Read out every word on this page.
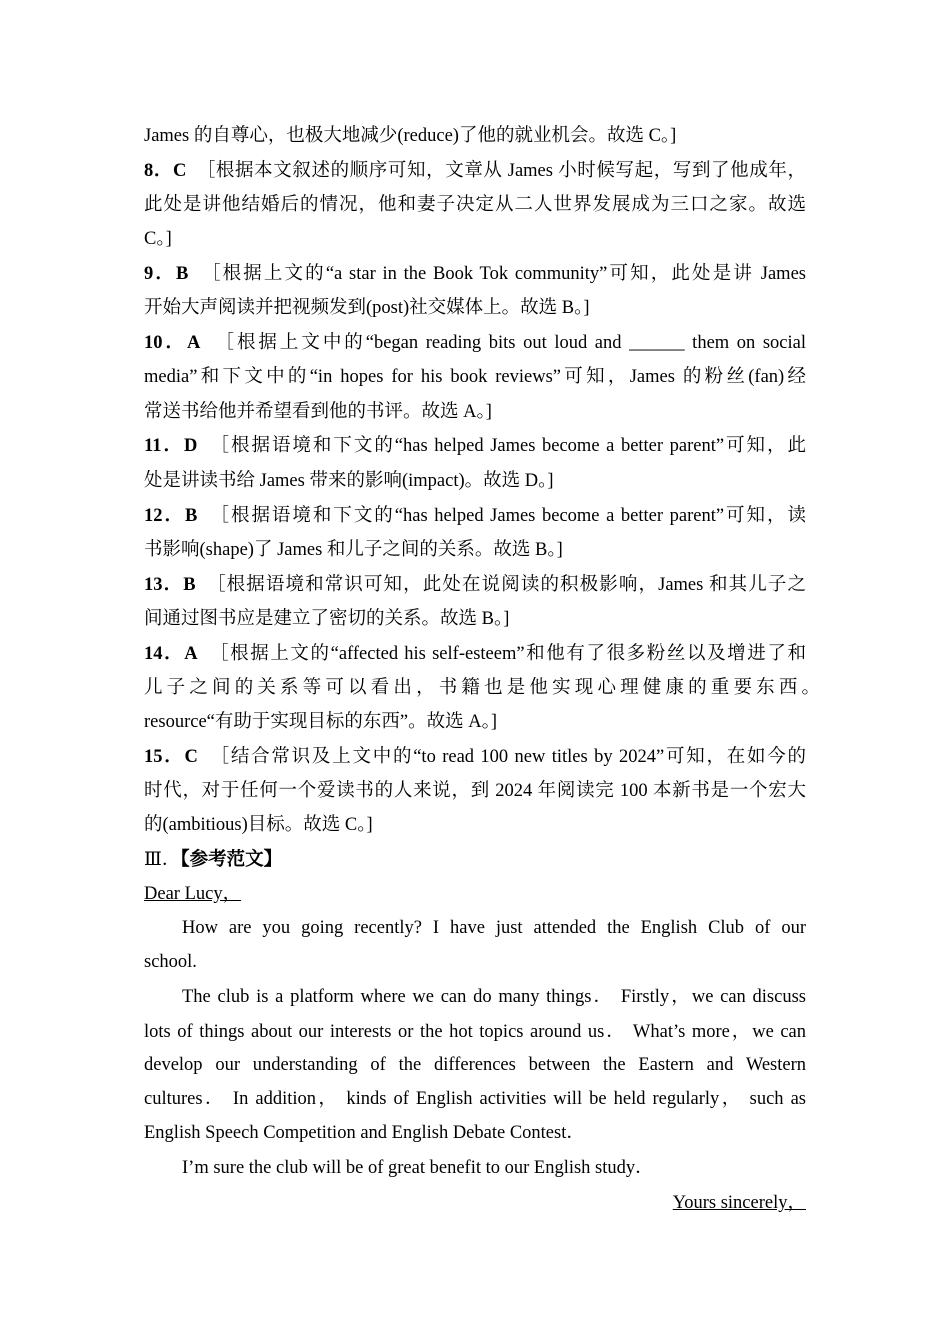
James 的自尊心，也极大地减少(reduce)了他的就业机会。故选 C。]
8．C ［根据本文叙述的顺序可知，文章从 James 小时候写起，写到了他成年，
此处是讲他结婚后的情况，他和妻子决定从二人世界发展成为三口之家。故选
C。]
9．B ［根据上文的“a star in the Book Tok community”可知，此处是讲 James
开始大声阅读并把视频发到(post)社交媒体上。故选 B。]
10．A ［根据上文中的“began reading bits out loud and ______ them on social
media”和下文中的“in hopes for his book reviews”可知，James 的粉丝(fan)经
常送书给他并希望看到他的书评。故选 A。]
11．D ［根据语境和下文的“has helped James become a better parent”可知，此
处是讲读书给 James 带来的影响(impact)。故选 D。]
12．B ［根据语境和下文的“has helped James become a better parent”可知，读
书影响(shape)了 James 和儿子之间的关系。故选 B。]
13．B ［根据语境和常识可知，此处在说阅读的积极影响，James 和其儿子之
间通过图书应是建立了密切的关系。故选 B。]
14．A ［根据上文的“affected his self-esteem”和他有了很多粉丝以及增进了和
儿子之间的关系等可以看出，书籍也是他实现心理健康的重要东西。
resource“有助于实现目标的东西”。故选 A。]
15．C ［结合常识及上文中的“to read 100 new titles by 2024”可知，在如今的
时代，对于任何一个爱读书的人来说，到 2024 年阅读完 100 本新书是一个宏大
的(ambitious)目标。故选 C。]
Ⅲ．【参考范文】
Dear Lucy，
How are you going recently? I have just attended the English Club of our
school.
The club is a platform where we can do many things． Firstly，we can discuss
lots of things about our interests or the hot topics around us． What’s more，we can
develop our understanding of the differences between the Eastern and Western
cultures． In addition， kinds of English activities will be held regularly， such as
English Speech Competition and English Debate Contest．
I’m sure the club will be of great benefit to our English study．
Yours sincerely，
